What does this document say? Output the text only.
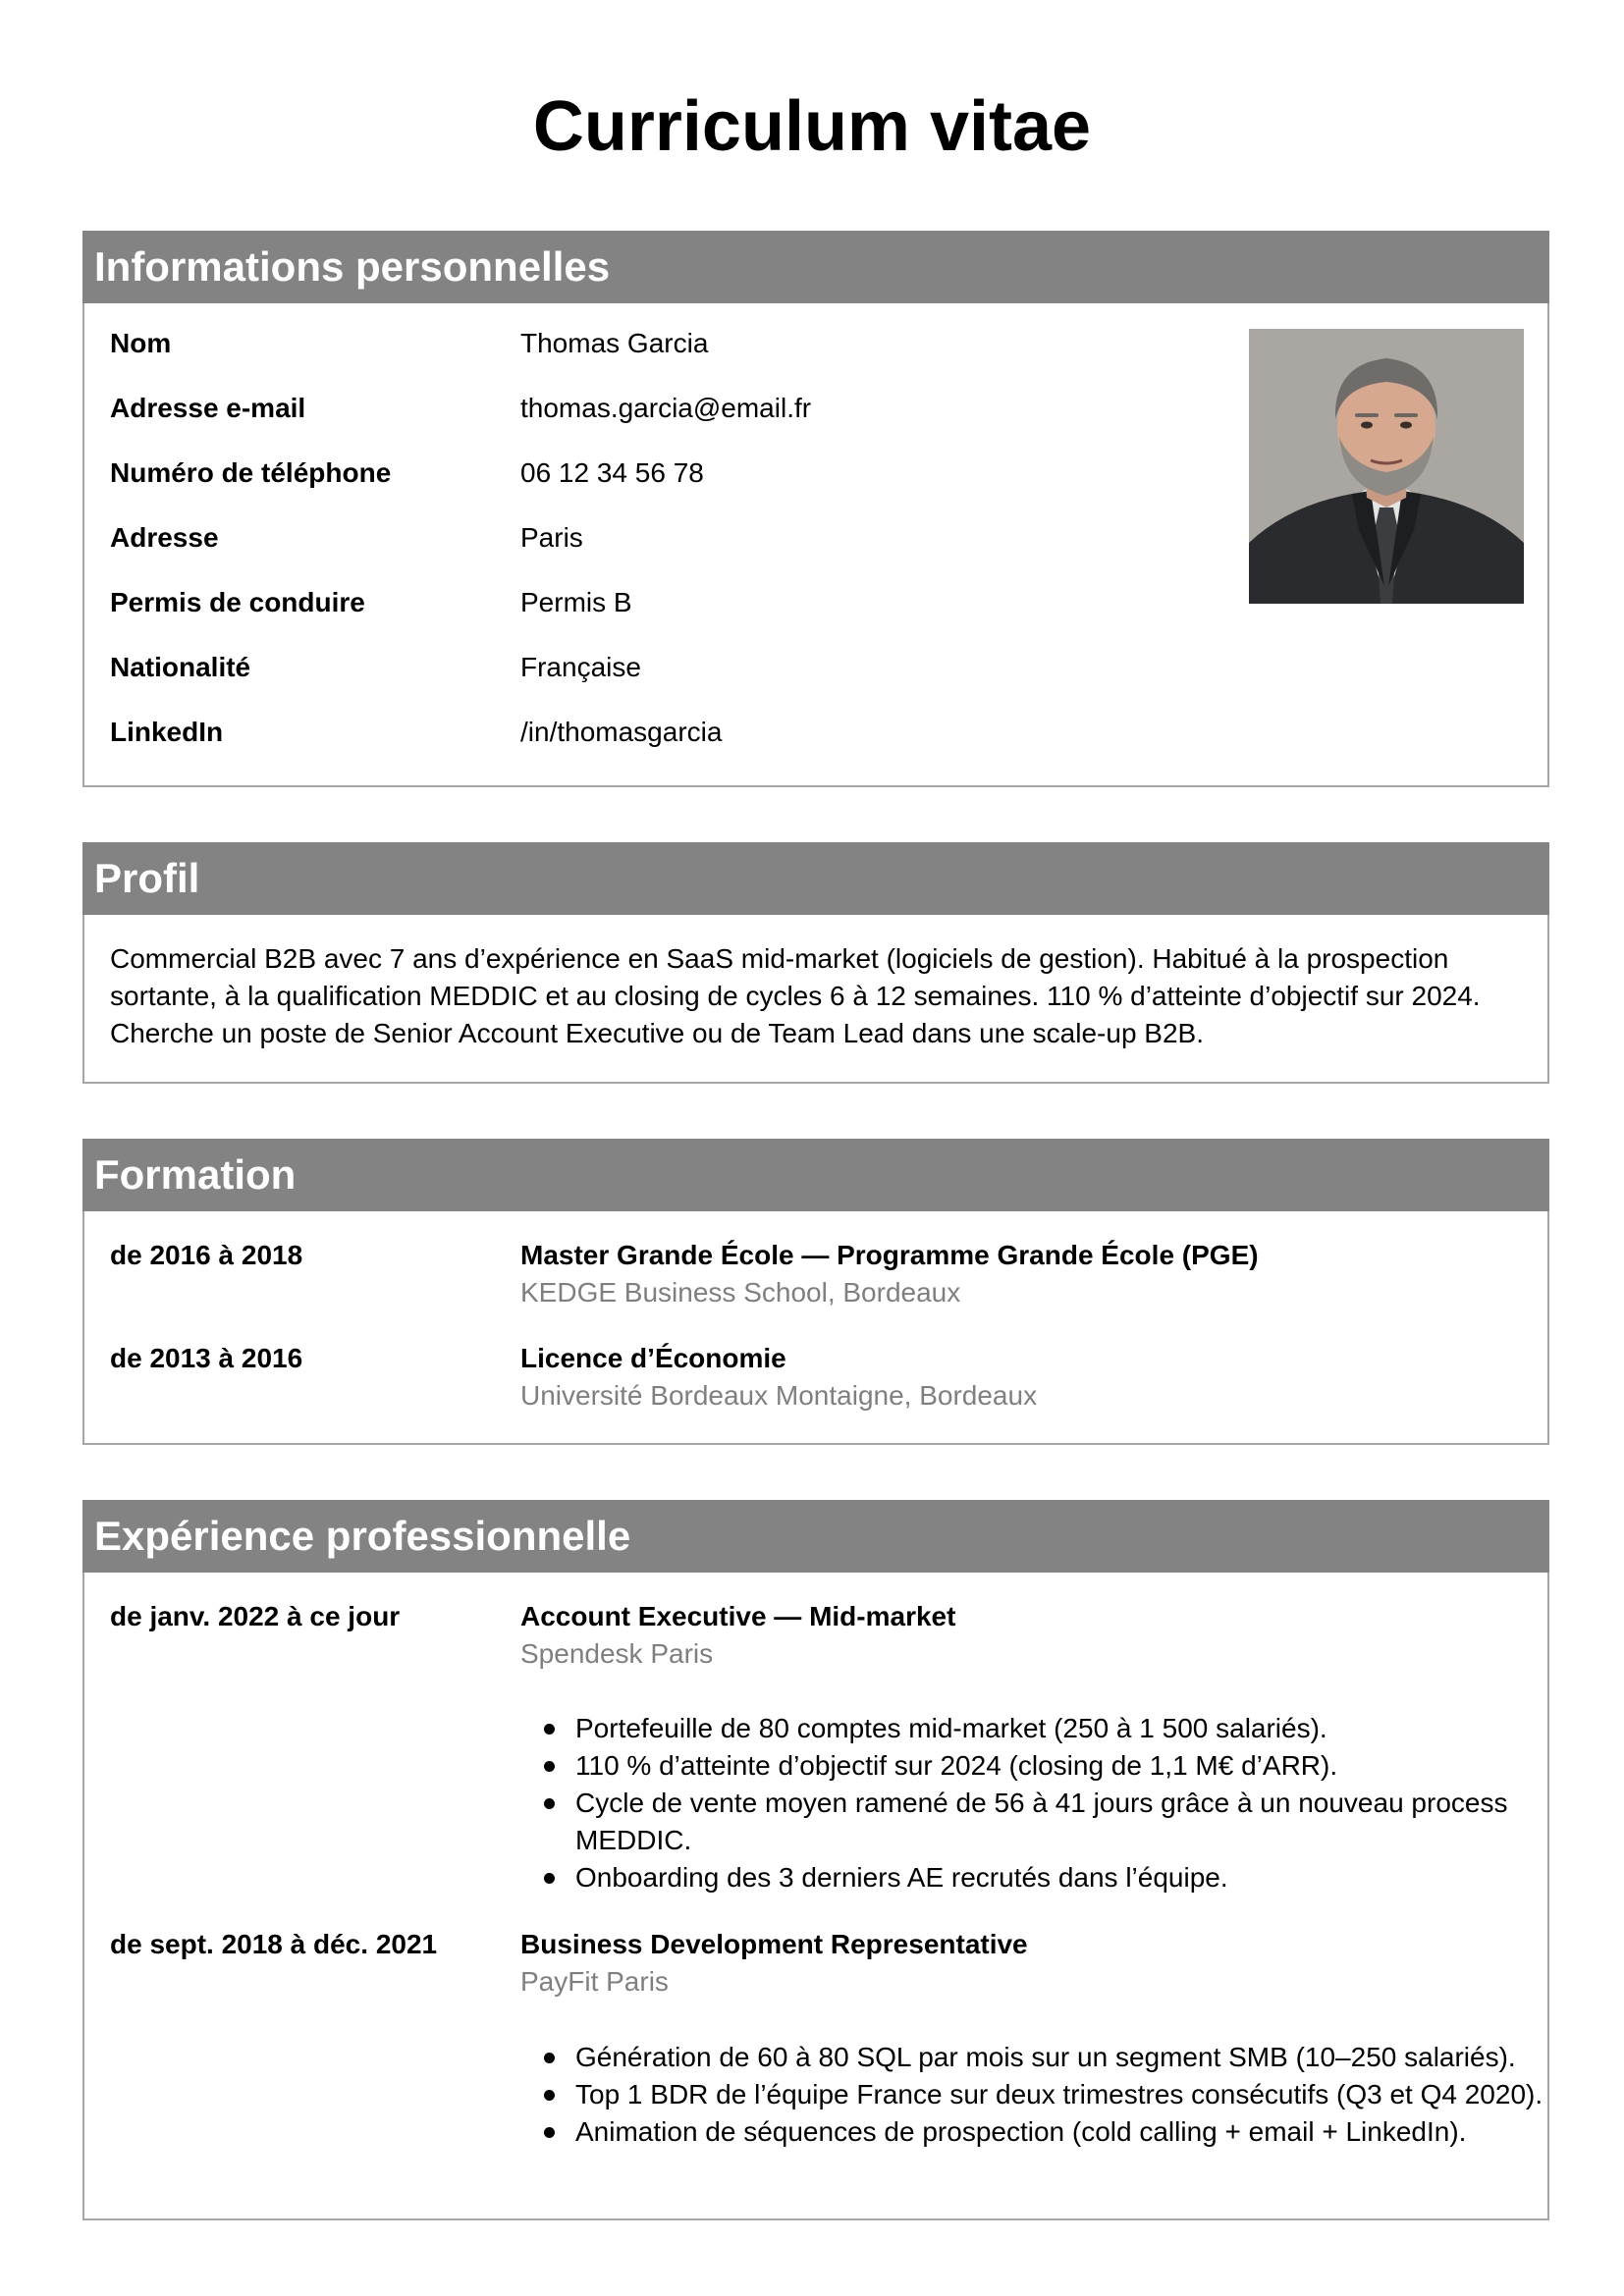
Curriculum vitae
Informations personnelles
Nom	Thomas Garcia
Adresse e-mail	thomas.garcia@email.fr
Numéro de téléphone	06 12 34 56 78
Adresse	Paris
Permis de conduire	Permis B
Nationalité	Française
LinkedIn	/in/thomasgarcia
Profil
Commercial B2B avec 7 ans d’expérience en SaaS mid-market (logiciels de gestion). Habitué à la prospection sortante, à la qualification MEDDIC et au closing de cycles 6 à 12 semaines. 110 % d’atteinte d’objectif sur 2024. Cherche un poste de Senior Account Executive ou de Team Lead dans une scale-up B2B.
Formation
de 2016 à 2018	Master Grande École — Programme Grande École (PGE)
KEDGE Business School, Bordeaux
de 2013 à 2016	Licence d’Économie
Université Bordeaux Montaigne, Bordeaux
Expérience professionnelle
de janv. 2022 à ce jour	Account Executive — Mid-market
Spendesk Paris
Portefeuille de 80 comptes mid-market (250 à 1 500 salariés).
110 % d’atteinte d’objectif sur 2024 (closing de 1,1 M€ d’ARR).
Cycle de vente moyen ramené de 56 à 41 jours grâce à un nouveau process MEDDIC.
Onboarding des 3 derniers AE recrutés dans l’équipe.
de sept. 2018 à déc. 2021	Business Development Representative
PayFit Paris
Génération de 60 à 80 SQL par mois sur un segment SMB (10–250 salariés).
Top 1 BDR de l’équipe France sur deux trimestres consécutifs (Q3 et Q4 2020).
Animation de séquences de prospection (cold calling + email + LinkedIn).
